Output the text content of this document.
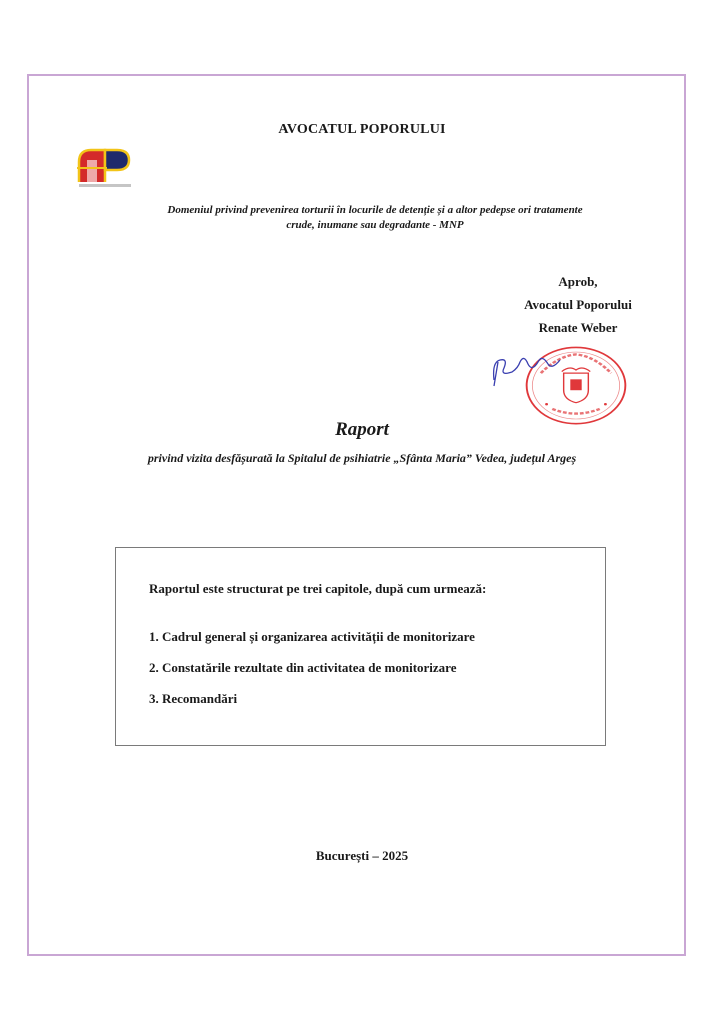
AVOCATUL POPORULUI
Domeniul privind prevenirea torturii în locurile de detenție și a altor pedepse ori tratamente
crude, inumane sau degradante - MNP
Aprob,
Avocatul Poporului
Renate Weber
Raport
privind vizita desfășurată la Spitalul de psihiatrie „Sfânta Maria” Vedea, județul Argeș
Raportul este structurat pe trei capitole, după cum urmează:
1. Cadrul general și organizarea activității de monitorizare
2. Constatările rezultate din activitatea de monitorizare
3. Recomandări
București – 2025
